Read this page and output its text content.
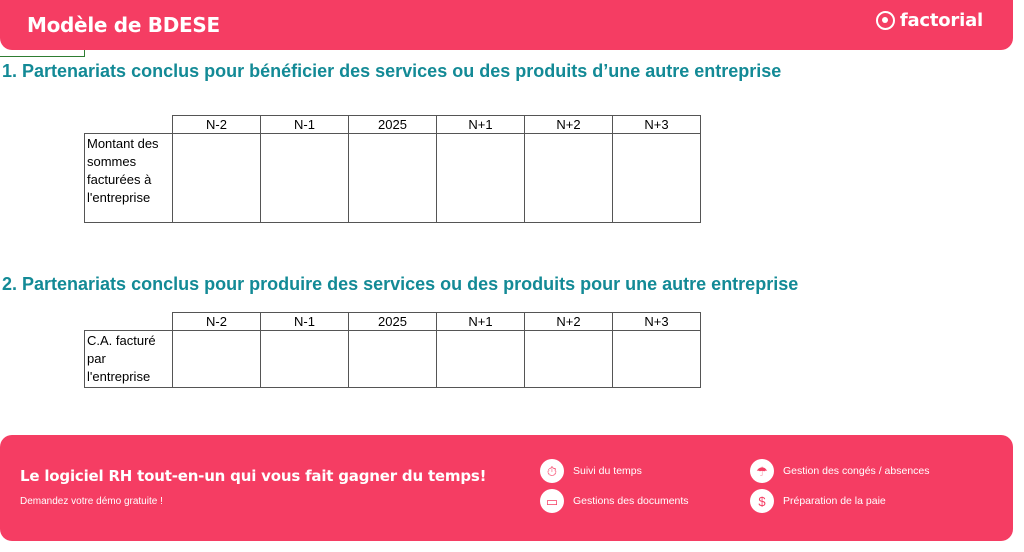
Modèle de BDESE	factorial
1. Partenariats conclus pour bénéficier des services ou des produits d’une autre entreprise
	N-2	N-1	2025	N+1	N+2	N+3

Montant des
sommes
facturées à
l'entreprise						

2. Partenariats conclus pour produire des services ou des produits pour une autre entreprise
	N-2	N-1	2025	N+1	N+2	N+3

C.A. facturé
par
l'entreprise						

Le logiciel RH tout-en-un qui vous fait gagner du temps!
Demandez votre démo gratuite !
⏱	Suivi du temps
▭	Gestions des documents
☂	Gestion des congés / absences
$	Préparation de la paie
